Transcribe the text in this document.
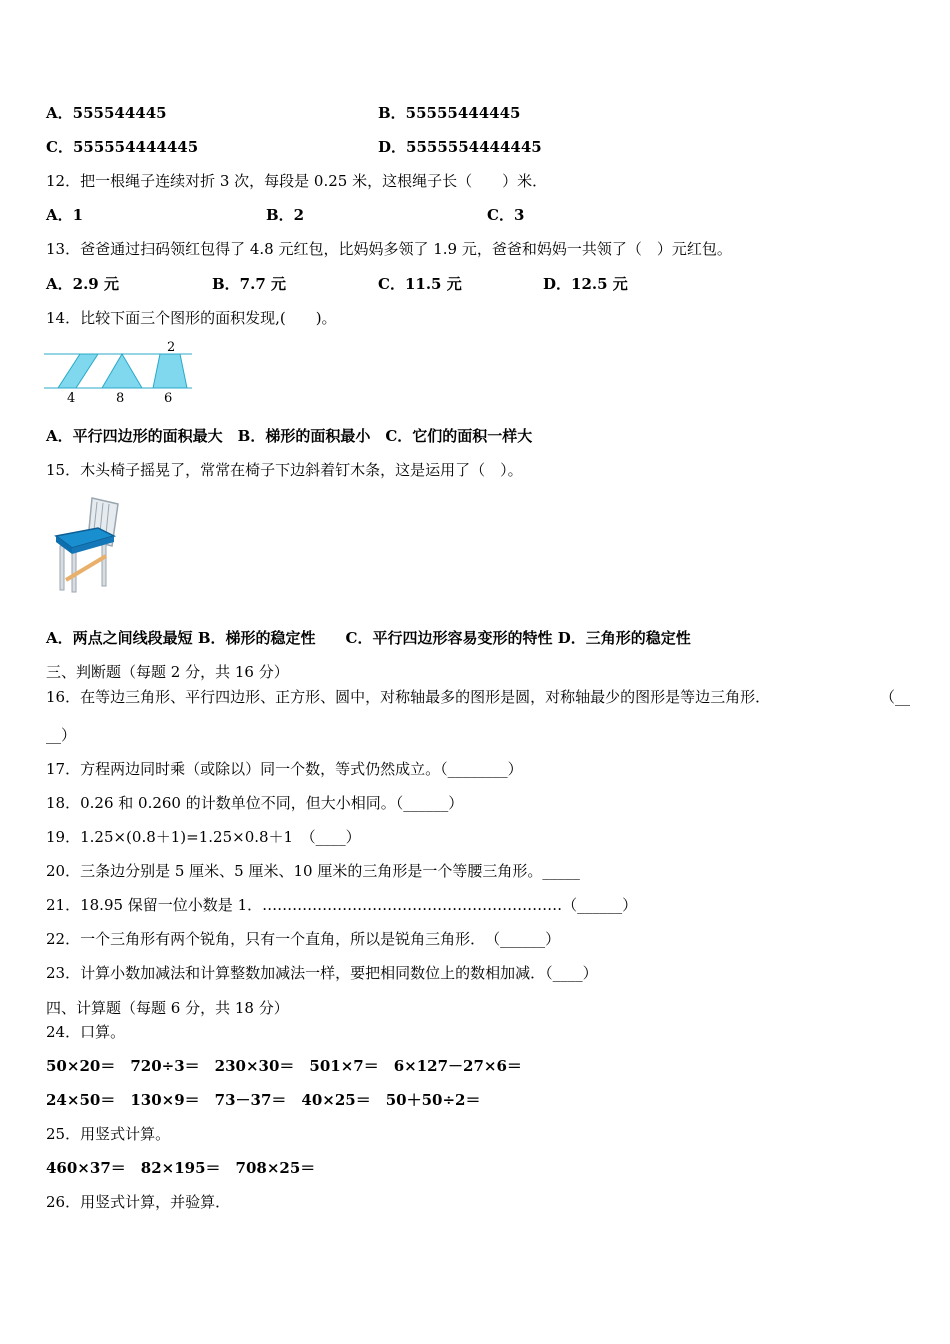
A．555544445	B．55555444445
C．555554444445	D．5555554444445
12．把一根绳子连续对折 3 次，每段是 0.25 米，这根绳子长（　　）米．
A．1	B．2	C．3
13．爸爸通过扫码领红包得了 4.8 元红包，比妈妈多领了 1.9 元，爸爸和妈妈一共领了（　）元红包。
A．2.9 元	B．7.7 元	C．11.5 元	D．12.5 元
14．比较下面三个图形的面积发现,(　　)。
2
4	8	6
A．平行四边形的面积最大　B．梯形的面积最小　C．它们的面积一样大
15．木头椅子摇晃了，常常在椅子下边斜着钉木条，这是运用了（　）。
A．两点之间线段最短 B．梯形的稳定性　　C．平行四边形容易变形的特性 D．三角形的稳定性
三、判断题（每题 2 分，共 16 分）
16．在等边三角形、平行四边形、正方形、圆中，对称轴最多的图形是圆，对称轴最少的图形是等边三角形．	（__
__）
17．方程两边同时乘（或除以）同一个数，等式仍然成立。（________）
18．0.26 和 0.260 的计数单位不同，但大小相同。（______）
19．1.25×(0.8＋1)=1.25×0.8＋1　（____）
20．三条边分别是 5 厘米、5 厘米、10 厘米的三角形是一个等腰三角形。_____
21．18.95 保留一位小数是 1．……………………………………………………（______）
22．一个三角形有两个锐角，只有一个直角，所以是锐角三角形．　（______）
23．计算小数加减法和计算整数加减法一样，要把相同数位上的数相加减．（____）
四、计算题（每题 6 分，共 18 分）
24．口算。
50×20＝　720÷3＝　230×30＝　501×7＝　6×127－27×6＝
24×50＝　130×9＝　73－37＝　40×25＝　50＋50÷2＝
25．用竖式计算。
460×37＝　82×195＝　708×25＝
26．用竖式计算，并验算．
